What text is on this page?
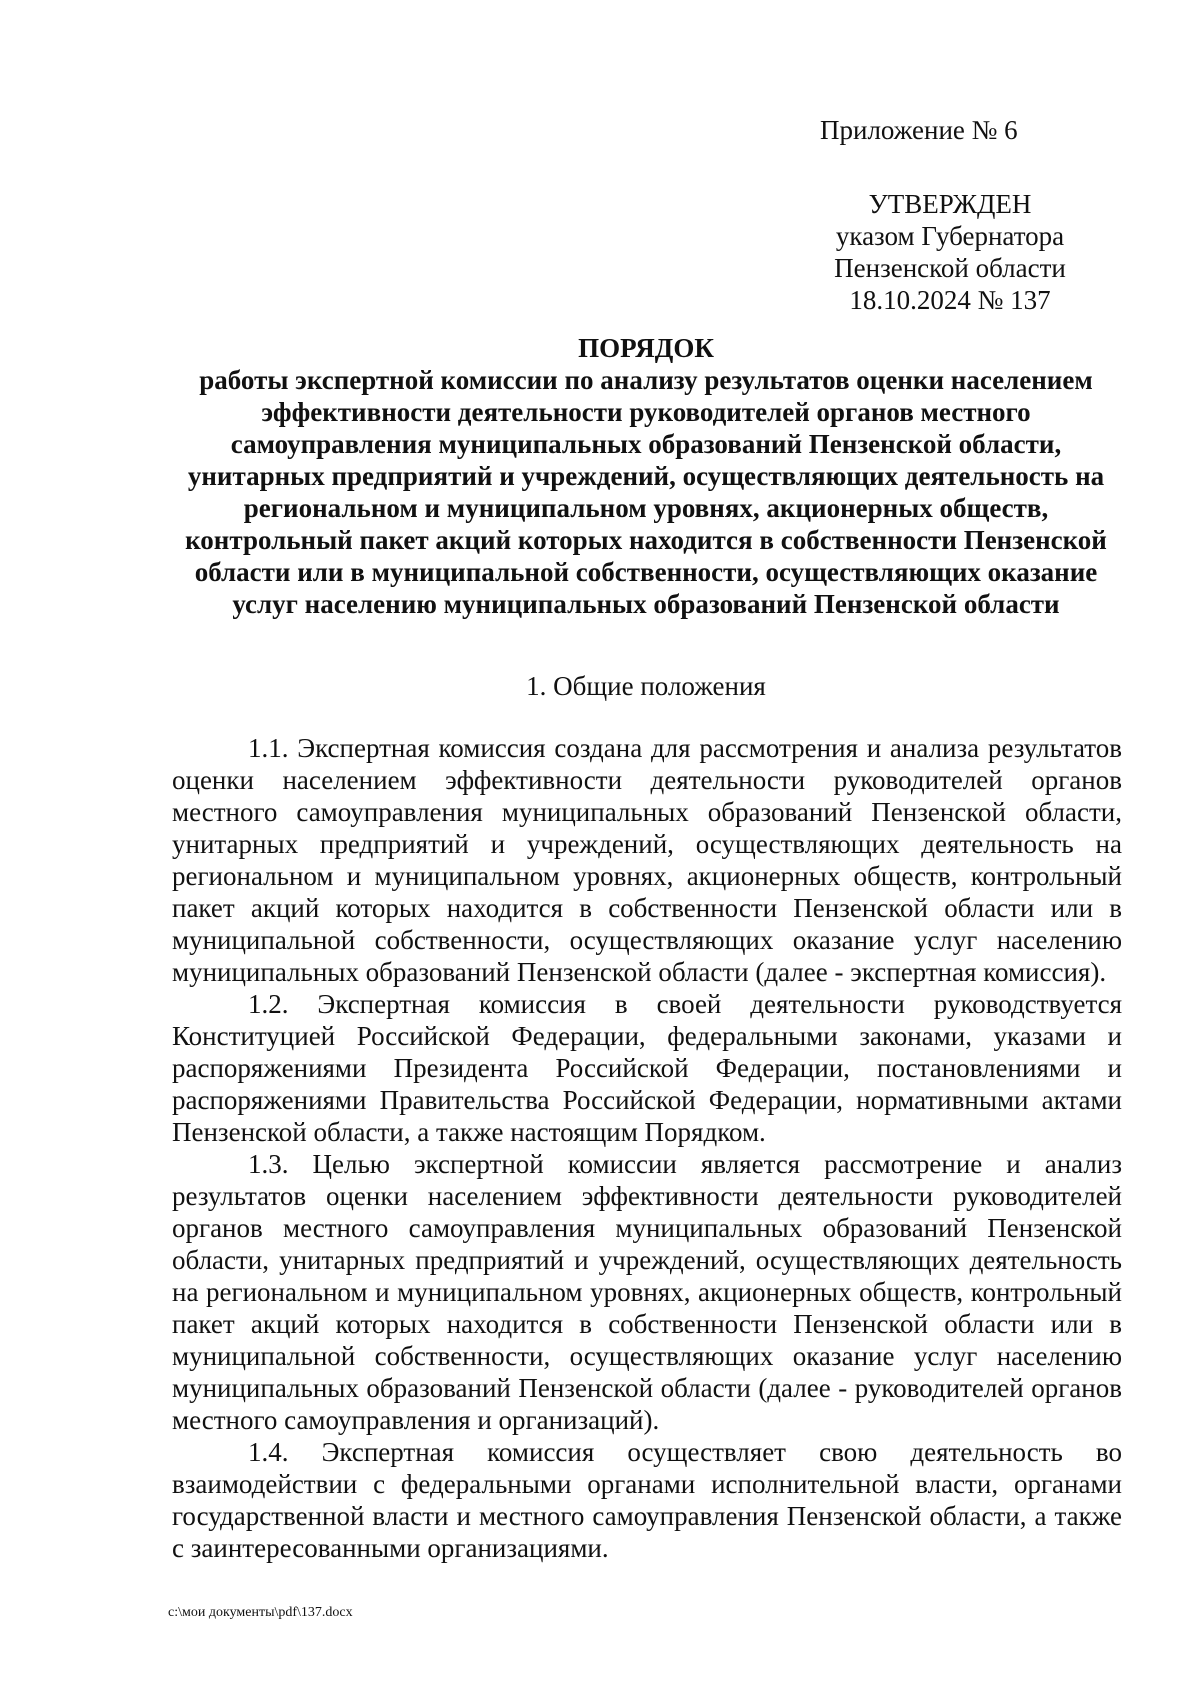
Приложение № 6
УТВЕРЖДЕН
указом Губернатора
Пензенской области
18.10.2024 № 137
ПОРЯДОК
работы экспертной комиссии по анализу результатов оценки населением эффективности деятельности руководителей органов местного самоуправления муниципальных образований Пензенской области, унитарных предприятий и учреждений, осуществляющих деятельность на региональном и муниципальном уровнях, акционерных обществ, контрольный пакет акций которых находится в собственности Пензенской области или в муниципальной собственности, осуществляющих оказание услуг населению муниципальных образований Пензенской области
1. Общие положения

1.1. Экспертная комиссия создана для рассмотрения и анализа результатов оценки населением эффективности деятельности руководителей органов местного самоуправления муниципальных образований Пензенской области, унитарных предприятий и учреждений, осуществляющих деятельность на региональном и муниципальном уровнях, акционерных обществ, контрольный пакет акций которых находится в собственности Пензенской области или в муниципальной собственности, осуществляющих оказание услуг населению муниципальных образований Пензенской области (далее - экспертная комиссия).

1.2. Экспертная комиссия в своей деятельности руководствуется Конституцией Российской Федерации, федеральными законами, указами и распоряжениями Президента Российской Федерации, постановлениями и распоряжениями Правительства Российской Федерации, нормативными актами Пензенской области, а также настоящим Порядком.

1.3. Целью экспертной комиссии является рассмотрение и анализ результатов оценки населением эффективности деятельности руководителей органов местного самоуправления муниципальных образований Пензенской области, унитарных предприятий и учреждений, осуществляющих деятельность на региональном и муниципальном уровнях, акционерных обществ, контрольный пакет акций которых находится в собственности Пензенской области или в муниципальной собственности, осуществляющих оказание услуг населению муниципальных образований Пензенской области (далее - руководителей органов местного самоуправления и организаций).

1.4. Экспертная комиссия осуществляет свою деятельность во взаимодействии с федеральными органами исполнительной власти, органами государственной власти и местного самоуправления Пензенской области, а также с заинтересованными организациями.

c:\мои документы\pdf\137.docx
